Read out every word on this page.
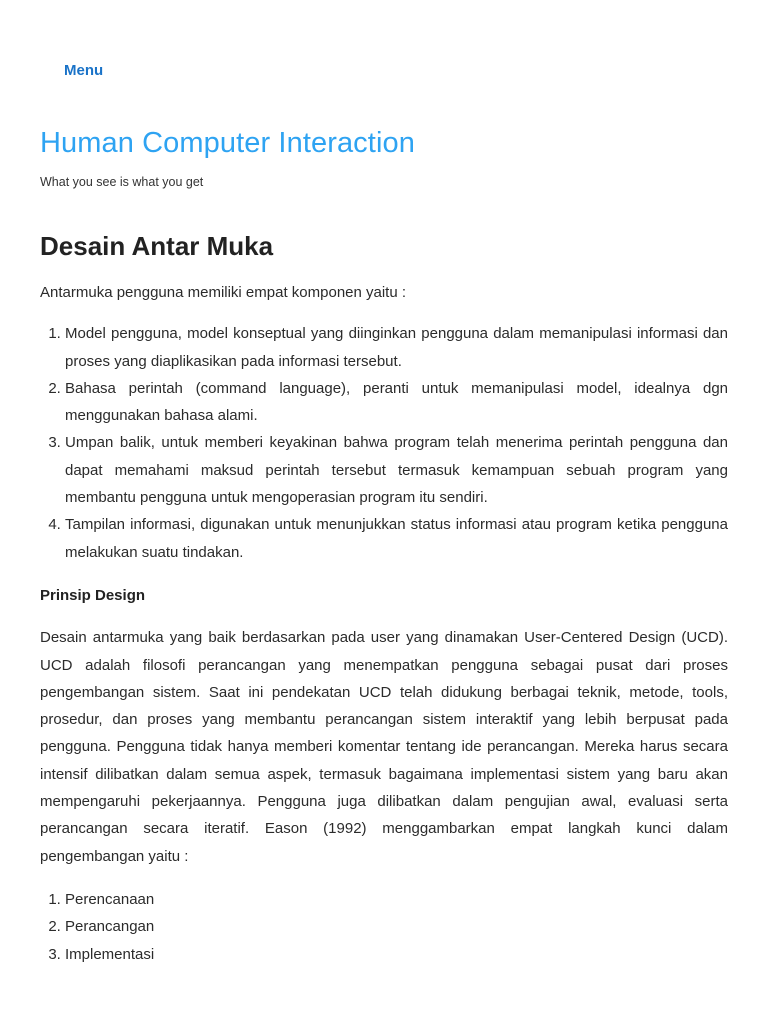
Menu
Human Computer Interaction

What you see is what you get

Desain Antar Muka

Antarmuka pengguna memiliki empat komponen yaitu :

1. Model pengguna, model konseptual yang diinginkan pengguna dalam memanipulasi informasi dan proses yang diaplikasikan pada informasi tersebut.
2. Bahasa perintah (command language), peranti untuk memanipulasi model, idealnya dgn menggunakan bahasa alami.
3. Umpan balik, untuk memberi keyakinan bahwa program telah menerima perintah pengguna dan dapat memahami maksud perintah tersebut termasuk kemampuan sebuah program yang membantu pengguna untuk mengoperasian program itu sendiri.
4. Tampilan informasi, digunakan untuk menunjukkan status informasi atau program ketika pengguna melakukan suatu tindakan.
Prinsip Design

Desain antarmuka yang baik berdasarkan pada user yang dinamakan User-Centered Design (UCD). UCD adalah filosofi perancangan yang menempatkan pengguna sebagai pusat dari proses pengembangan sistem. Saat ini pendekatan UCD telah didukung berbagai teknik, metode, tools, prosedur, dan proses yang membantu perancangan sistem interaktif yang lebih berpusat pada pengguna. Pengguna tidak hanya memberi komentar tentang ide perancangan. Mereka harus secara intensif dilibatkan dalam semua aspek, termasuk bagaimana implementasi sistem yang baru akan mempengaruhi pekerjaannya. Pengguna juga dilibatkan dalam pengujian awal, evaluasi serta perancangan secara iteratif. Eason (1992) menggambarkan empat langkah kunci dalam pengembangan yaitu :

1. Perencanaan
2. Perancangan
3. Implementasi
